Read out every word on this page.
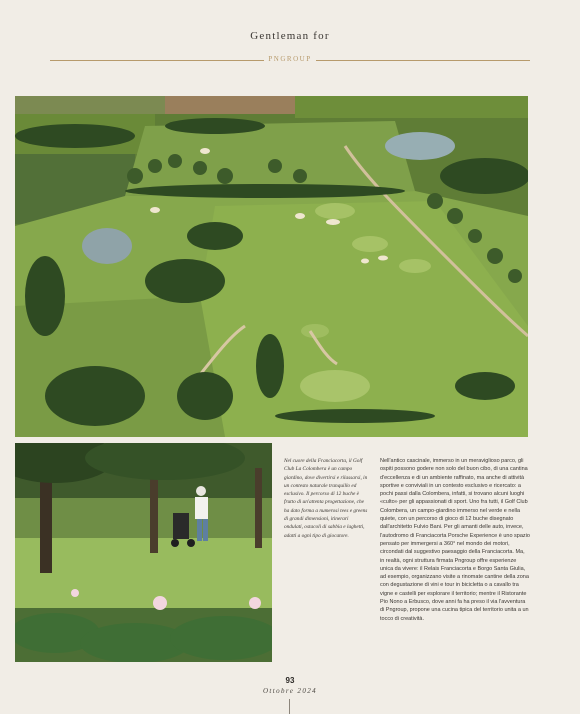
Gentleman for
PNGROUP
Nel cuore della Franciacorta, il Golf Club La Colombera è un campo giardino, dove divertirsi e rilassarsi, in un contesto naturale tranquillo ed esclusivo. Il percorso di 12 buche è frutto di un'attenta progettazione, che ha dato forma a numerosi tees e greens di grandi dimensioni, itinerari ondulati, ostacoli di sabbia e laghetti, adatti a ogni tipo di giocatore.
Nell'antico cascinale, immerso in un meraviglioso parco, gli ospiti possono godere non solo del buon cibo, di una cantina d'eccellenza e di un ambiente raffinato, ma anche di attività sportive e conviviali in un contesto esclusivo e ricercato: a pochi passi dalla Colombera, infatti, si trovano alcuni luoghi «culto» per gli appassionati di sport. Uno fra tutti, il Golf Club Colombera, un campo-giardino immerso nel verde e nella quiete, con un percorso di gioco di 12 buche disegnato dall'architetto Fulvio Bani. Per gli amanti delle auto, invece, l'autodromo di Franciacorta Porsche Experience è uno spazio pensato per immergersi a 360° nel mondo dei motori, circondati dal suggestivo paesaggio della Franciacorta. Ma, in realtà, ogni struttura firmata Pngroup offre esperienze unica da vivere: il Relais Franciacorta e Borgo Santa Giulia, ad esempio, organizzano visite a rinomate cantine della zona con degustazione di vini e tour in bicicletta o a cavallo tra vigne e castelli per esplorare il territorio; mentre il Ristorante Pio Nono a Erbusco, dove anni fa ha preso il via l'avventura di Pngroup, propone una cucina tipica del territorio unita a un tocco di creatività.
93
Ottobre 2024
